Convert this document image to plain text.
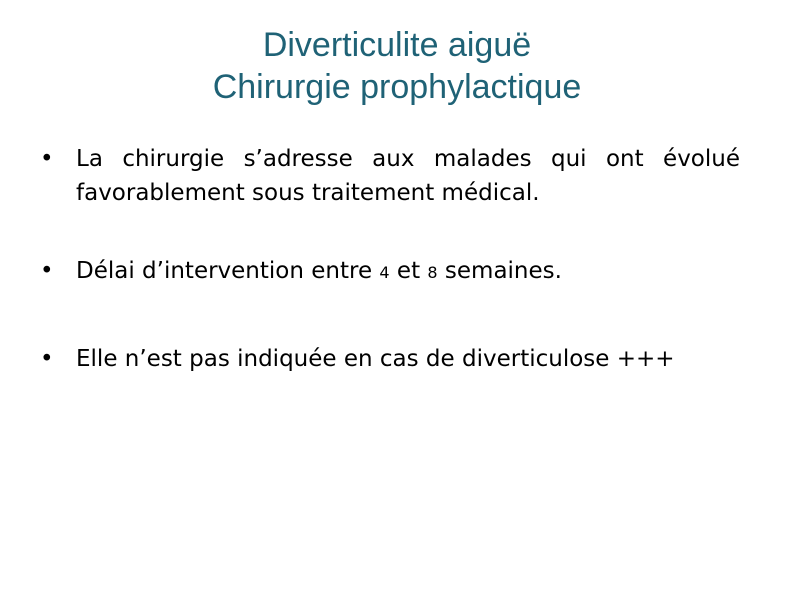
Diverticulite aiguë
Chirurgie prophylactique
• La chirurgie s’adresse aux malades qui ont évolué favorablement sous traitement médical.
• Délai d’intervention entre 4 et 8 semaines.
• Elle n’est pas indiquée en cas de diverticulose +++
